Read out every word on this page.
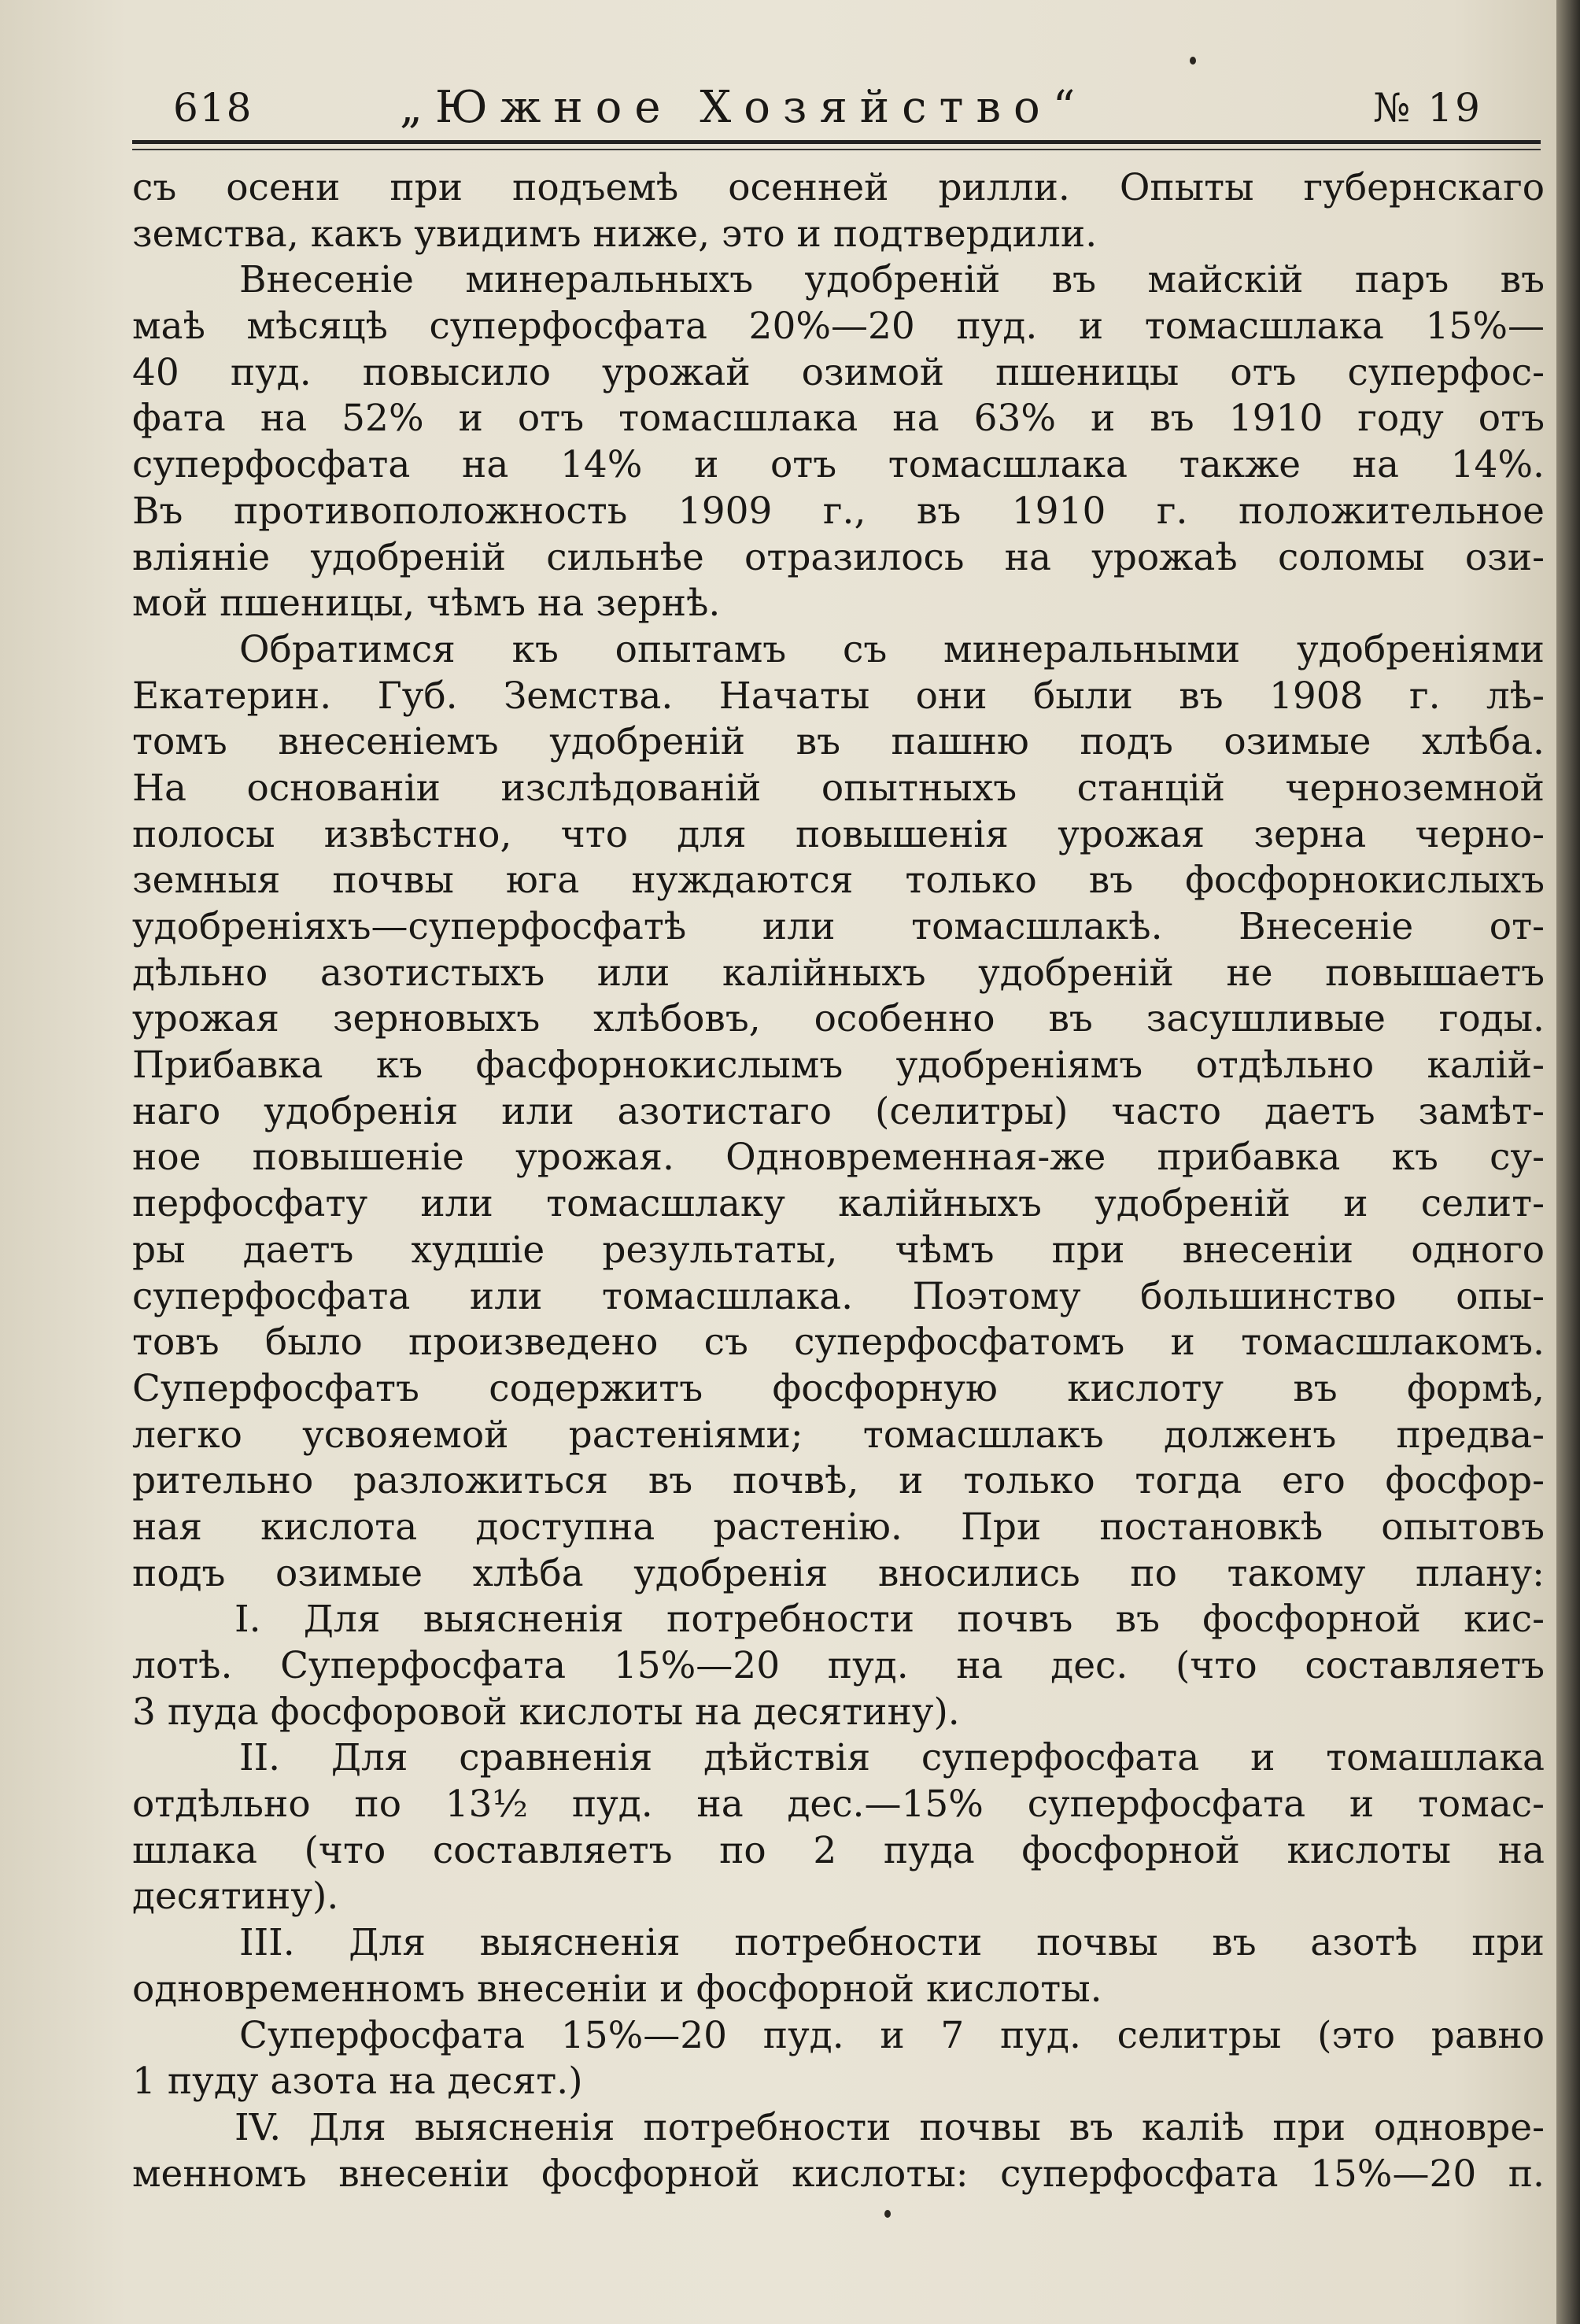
618	„Южное Хозяйство“	№ 19
съ осени при подъемѣ осенней рилли. Опыты губернскаго
земства, какъ увидимъ ниже, это и подтвердили.
Внесеніе минеральныхъ удобреній въ майскій паръ въ
маѣ мѣсяцѣ суперфосфата 20%—20 пуд. и томасшлака 15%—
40 пуд. повысило урожай озимой пшеницы отъ суперфос-
фата на 52% и отъ томасшлака на 63% и въ 1910 году отъ
суперфосфата на 14% и отъ томасшлака также на 14%.
Въ противоположность 1909 г., въ 1910 г. положительное
вліяніе удобреній сильнѣе отразилось на урожаѣ соломы ози-
мой пшеницы, чѣмъ на зернѣ.
Обратимся къ опытамъ съ минеральными удобреніями
Екатерин. Губ. Земства. Начаты они были въ 1908 г. лѣ-
томъ внесеніемъ удобреній въ пашню подъ озимые хлѣба.
На основаніи изслѣдованій опытныхъ станцій черноземной
полосы извѣстно, что для повышенія урожая зерна черно-
земныя почвы юга нуждаются только въ фосфорнокислыхъ
удобреніяхъ—суперфосфатѣ или томасшлакѣ. Внесеніе от-
дѣльно азотистыхъ или калійныхъ удобреній не повышаетъ
урожая зерновыхъ хлѣбовъ, особенно въ засушливые годы.
Прибавка къ фасфорнокислымъ удобреніямъ отдѣльно калій-
наго удобренія или азотистаго (селитры) часто даетъ замѣт-
ное повышеніе урожая. Одновременная-же прибавка къ су-
перфосфату или томасшлаку калійныхъ удобреній и селит-
ры даетъ худшіе результаты, чѣмъ при внесеніи одного
суперфосфата или томасшлака. Поэтому большинство опы-
товъ было произведено съ суперфосфатомъ и томасшлакомъ.
Суперфосфатъ содержитъ фосфорную кислоту въ формѣ,
легко усвояемой растеніями; томасшлакъ долженъ предва-
рительно разложиться въ почвѣ, и только тогда его фосфор-
ная кислота доступна растенію. При постановкѣ опытовъ
подъ озимые хлѣба удобренія вносились по такому плану:
I. Для выясненія потребности почвъ въ фосфорной кис-
лотѣ. Суперфосфата 15%—20 пуд. на дес. (что составляетъ
3 пуда фосфоровой кислоты на десятину).
II. Для сравненія дѣйствія суперфосфата и томашлака
отдѣльно по 13½ пуд. на дес.—15% суперфосфата и томас-
шлака (что составляетъ по 2 пуда фосфорной кислоты на
десятину).
III. Для выясненія потребности почвы въ азотѣ при
одновременномъ внесеніи и фосфорной кислоты.
Суперфосфата 15%—20 пуд. и 7 пуд. селитры (это равно
1 пуду азота на десят.)
IV. Для выясненія потребности почвы въ каліѣ при одновре-
менномъ внесеніи фосфорной кислоты: суперфосфата 15%—20 п.
